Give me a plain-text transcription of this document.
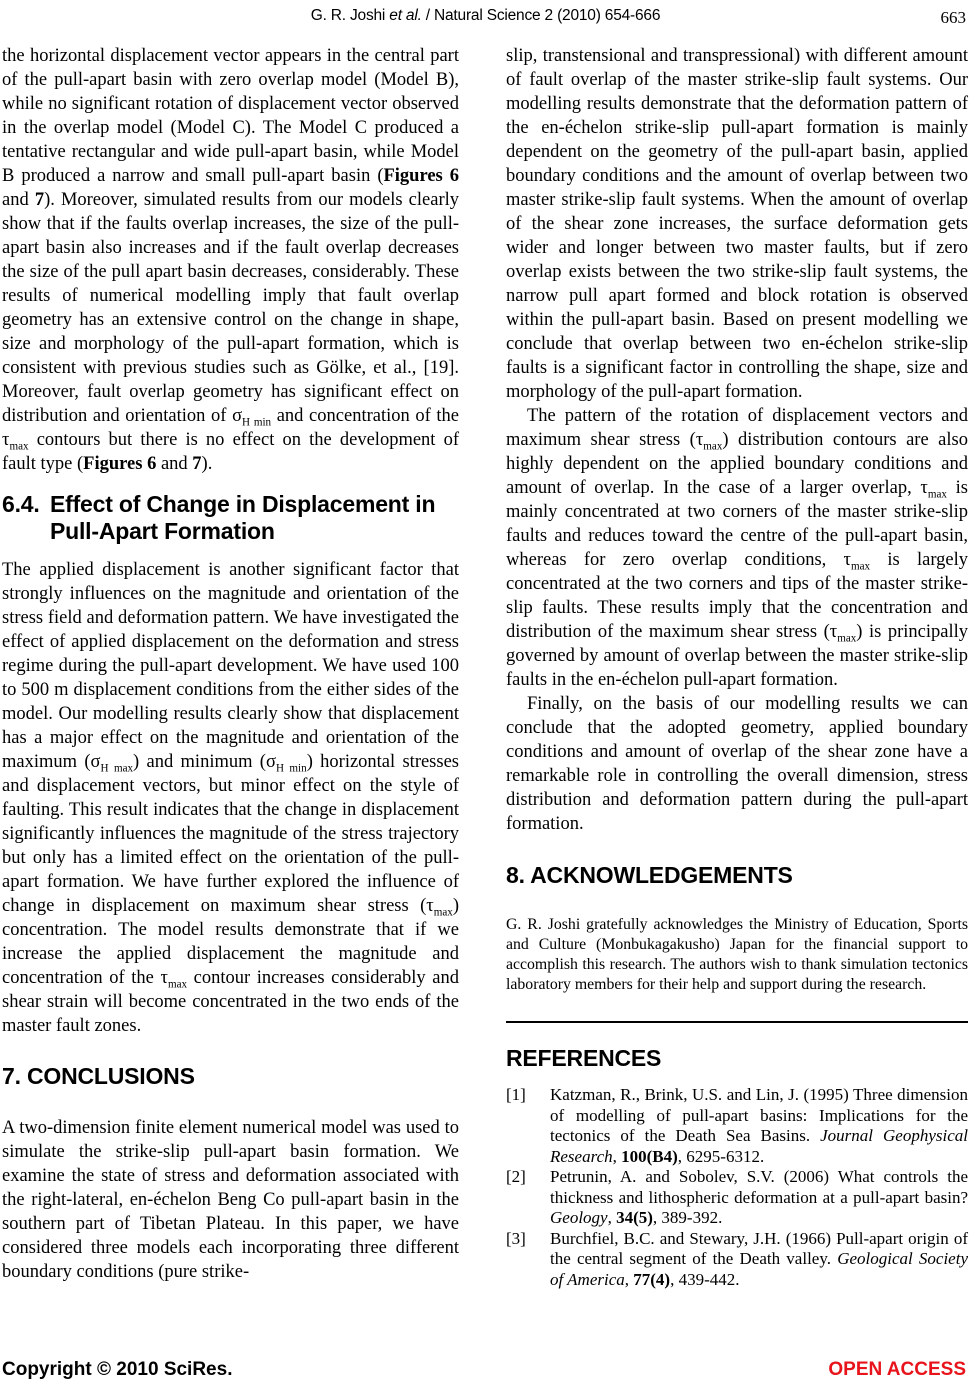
G. R. Joshi et al. / Natural Science 2 (2010) 654-666	663

the horizontal displacement vector appears in the central part of the pull-apart basin with zero overlap model (Model B), while no significant rotation of displacement vector observed in the overlap model (Model C). The Model C produced a tentative rectangular and wide pull-apart basin, while Model B produced a narrow and small pull-apart basin (Figures 6 and 7). Moreover, simulated results from our models clearly show that if the faults overlap increases, the size of the pull-apart basin also increases and if the fault overlap decreases the size of the pull apart basin decreases, considerably. These results of numerical modelling imply that fault overlap geometry has an extensive control on the change in shape, size and morphology of the pull-apart formation, which is consistent with previous studies such as Gölke, et al., [19]. Moreover, fault overlap geometry has significant effect on distribution and orientation of $\sigma_{H min}$ and concentration of the $\tau_{max}$ contours but there is no effect on the development of fault type (Figures 6 and 7).

6.4. Effect of Change in Displacement in Pull-Apart Formation

The applied displacement is another significant factor that strongly influences on the magnitude and orientation of the stress field and deformation pattern. We have investigated the effect of applied displacement on the deformation and stress regime during the pull-apart development. We have used 100 to 500 m displacement conditions from the either sides of the model. Our modelling results clearly show that displacement has a major effect on the magnitude and orientation of the maximum $(\sigma_{H max})$ and minimum $(\sigma_{H min})$ horizontal stresses and displacement vectors, but minor effect on the style of faulting. This result indicates that the change in displacement significantly influences the magnitude of the stress trajectory but only has a limited effect on the orientation of the pull-apart formation. We have further explored the influence of change in displacement on maximum shear stress $(\tau_{max})$ concentration. The model results demonstrate that if we increase the applied displacement the magnitude and concentration of the $\tau_{max}$ contour increases considerably and shear strain will become concentrated in the two ends of the master fault zones.

7. CONCLUSIONS

A two-dimension finite element numerical model was used to simulate the strike-slip pull-apart basin formation. We examine the state of stress and deformation associated with the right-lateral, en-échelon Beng Co pull-apart basin in the southern part of Tibetan Plateau. In this paper, we have considered three models each incorporating three different boundary conditions (pure strike-

slip, transtensional and transpressional) with different amount of fault overlap of the master strike-slip fault systems. Our modelling results demonstrate that the deformation pattern of the en-échelon strike-slip pull-apart formation is mainly dependent on the geometry of the pull-apart basin, applied boundary conditions and the amount of overlap between two master strike-slip fault systems. When the amount of overlap of the shear zone increases, the surface deformation gets wider and longer between two master faults, but if zero overlap exists between the two strike-slip fault systems, the narrow pull apart formed and block rotation is observed within the pull-apart basin. Based on present modelling we conclude that overlap between two en-échelon strike-slip faults is a significant factor in controlling the shape, size and morphology of the pull-apart formation.

The pattern of the rotation of displacement vectors and maximum shear stress $(\tau_{max})$ distribution contours are also highly dependent on the applied boundary conditions and amount of overlap. In the case of a larger overlap, $\tau_{max}$ is mainly concentrated at two corners of the master strike-slip faults and reduces toward the centre of the pull-apart basin, whereas for zero overlap conditions, $\tau_{max}$ is largely concentrated at the two corners and tips of the master strike-slip faults. These results imply that the concentration and distribution of the maximum shear stress $(\tau_{max})$ is principally governed by amount of overlap between the master strike-slip faults in the en-échelon pull-apart formation.

Finally, on the basis of our modelling results we can conclude that the adopted geometry, applied boundary conditions and amount of overlap of the shear zone have a remarkable role in controlling the overall dimension, stress distribution and deformation pattern during the pull-apart formation.

8. ACKNOWLEDGEMENTS

G. R. Joshi gratefully acknowledges the Ministry of Education, Sports and Culture (Monbukagakusho) Japan for the financial support to accomplish this research. The authors wish to thank simulation tectonics laboratory members for their help and support during the research.

REFERENCES
[1] Katzman, R., Brink, U.S. and Lin, J. (1995) Three dimension of modelling of pull-apart basins: Implications for the tectonics of the Death Sea Basins. Journal Geophysical Research, 100(B4), 6295-6312.
[2] Petrunin, A. and Sobolev, S.V. (2006) What controls the thickness and lithospheric deformation at a pull-apart basin? Geology, 34(5), 389-392.
[3] Burchfiel, B.C. and Stewary, J.H. (1966) Pull-apart origin of the central segment of the Death valley. Geological Society of America, 77(4), 439-442.
Copyright © 2010 SciRes.	OPEN ACCESS
